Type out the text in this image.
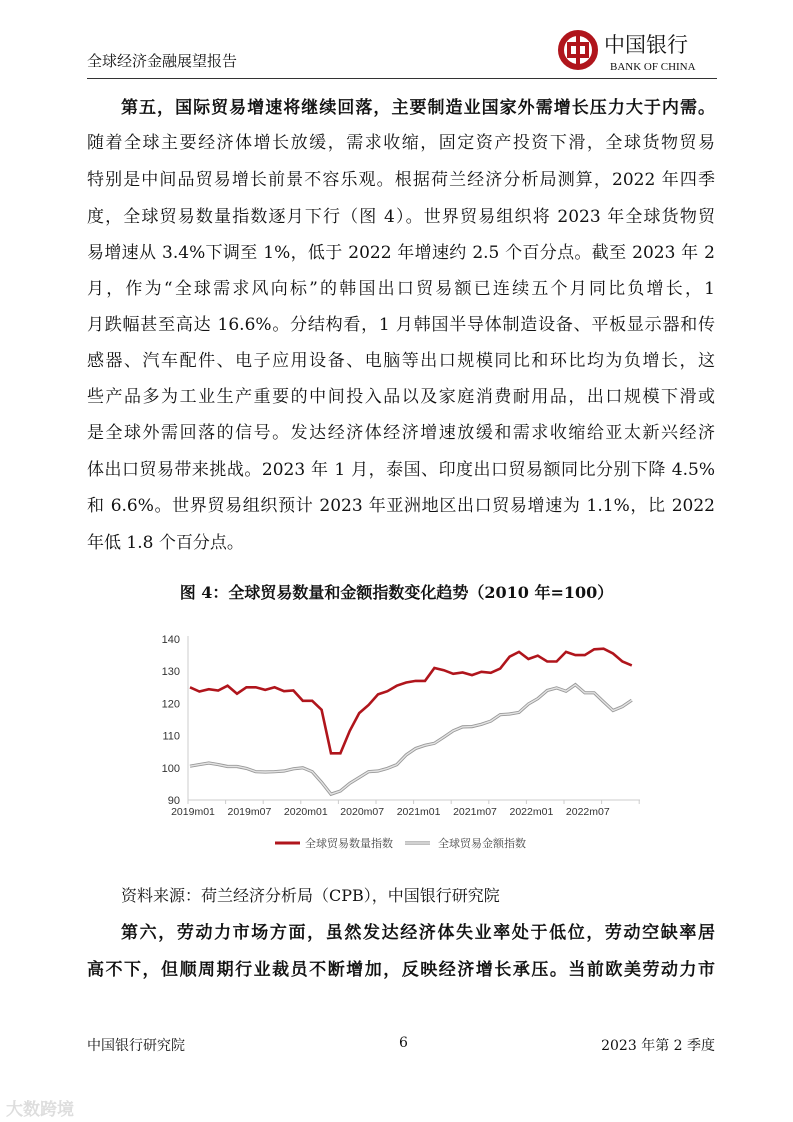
全球经济金融展望报告
中国银行
BANK OF CHINA
第五，国际贸易增速将继续回落，主要制造业国家外需增长压力大于内需。
随着全球主要经济体增长放缓，需求收缩，固定资产投资下滑，全球货物贸易
特别是中间品贸易增长前景不容乐观。根据荷兰经济分析局测算，2022 年四季
度，全球贸易数量指数逐月下行（图 4）。世界贸易组织将 2023 年全球货物贸
易增速从 3.4%下调至 1%，低于 2022 年增速约 2.5 个百分点。截至 2023 年 2
月，作为“全球需求风向标”的韩国出口贸易额已连续五个月同比负增长，1
月跌幅甚至高达 16.6%。分结构看，1 月韩国半导体制造设备、平板显示器和传
感器、汽车配件、电子应用设备、电脑等出口规模同比和环比均为负增长，这
些产品多为工业生产重要的中间投入品以及家庭消费耐用品，出口规模下滑或
是全球外需回落的信号。发达经济体经济增速放缓和需求收缩给亚太新兴经济
体出口贸易带来挑战。2023 年 1 月，泰国、印度出口贸易额同比分别下降 4.5%
和 6.6%。世界贸易组织预计 2023 年亚洲地区出口贸易增速为 1.1%，比 2022
年低 1.8 个百分点。
图 4：全球贸易数量和金额指数变化趋势（2010 年=100）
90
100
110
120
130
140
2019m01 2019m07 2020m01 2020m07 2021m01 2021m07 2022m01 2022m07
全球贸易数量指数	全球贸易金额指数
资料来源：荷兰经济分析局（CPB），中国银行研究院
第六，劳动力市场方面，虽然发达经济体失业率处于低位，劳动空缺率居
高不下，但顺周期行业裁员不断增加，反映经济增长承压。当前欧美劳动力市
中国银行研究院	6	2023 年第 2 季度
大数跨境
